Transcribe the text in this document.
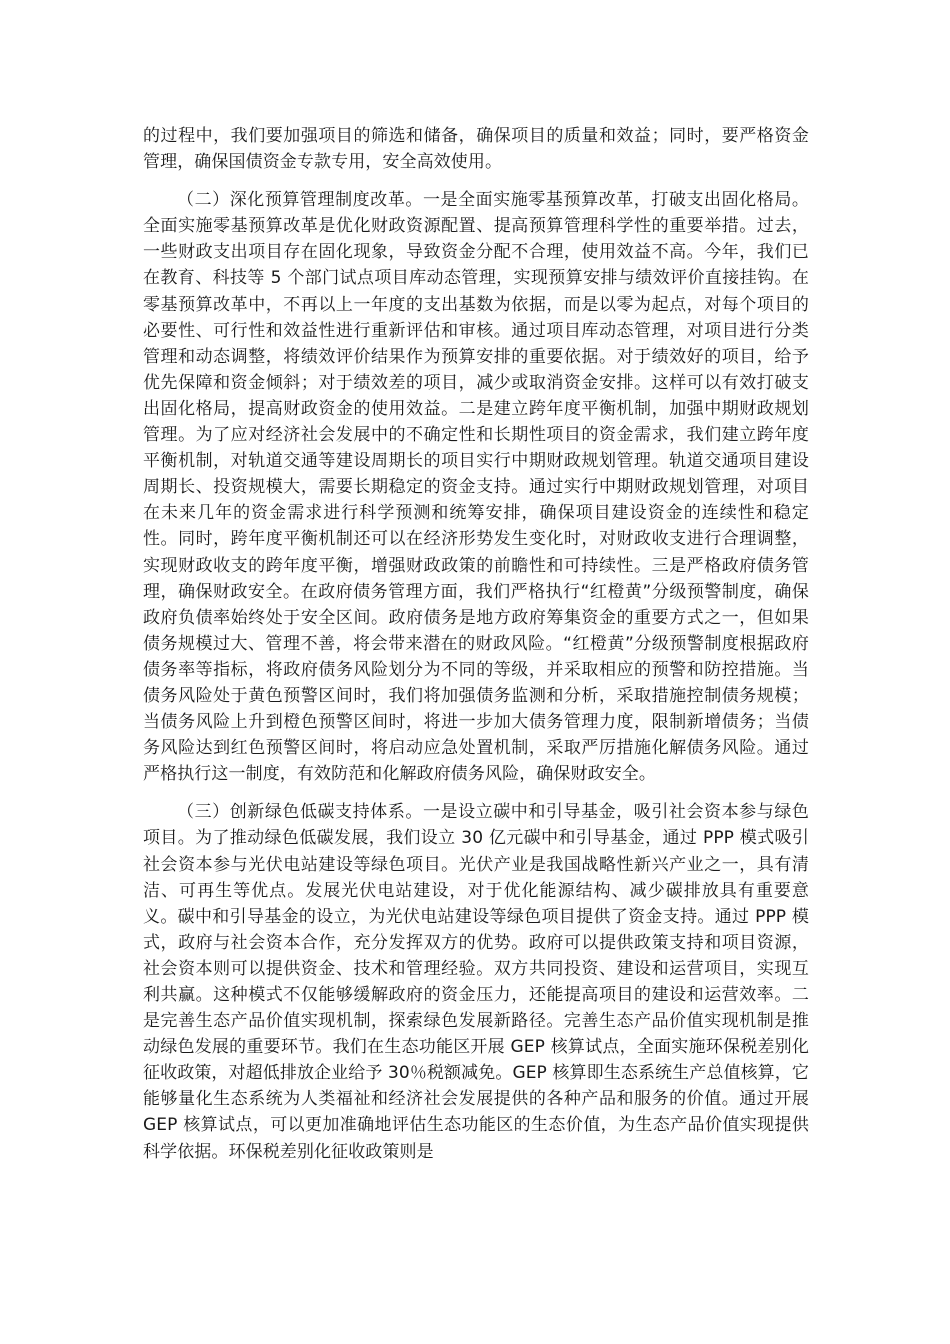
的过程中，我们要加强项目的筛选和储备，确保项目的质量和效益；同时，要严格资金管理，确保国债资金专款专用，安全高效使用。

（二）深化预算管理制度改革。一是全面实施零基预算改革，打破支出固化格局。全面实施零基预算改革是优化财政资源配置、提高预算管理科学性的重要举措。过去，一些财政支出项目存在固化现象，导致资金分配不合理，使用效益不高。今年，我们已在教育、科技等 5 个部门试点项目库动态管理，实现预算安排与绩效评价直接挂钩。在零基预算改革中，不再以上一年度的支出基数为依据，而是以零为起点，对每个项目的必要性、可行性和效益性进行重新评估和审核。通过项目库动态管理，对项目进行分类管理和动态调整，将绩效评价结果作为预算安排的重要依据。对于绩效好的项目，给予优先保障和资金倾斜；对于绩效差的项目，减少或取消资金安排。这样可以有效打破支出固化格局，提高财政资金的使用效益。二是建立跨年度平衡机制，加强中期财政规划管理。为了应对经济社会发展中的不确定性和长期性项目的资金需求，我们建立跨年度平衡机制，对轨道交通等建设周期长的项目实行中期财政规划管理。轨道交通项目建设周期长、投资规模大，需要长期稳定的资金支持。通过实行中期财政规划管理，对项目在未来几年的资金需求进行科学预测和统筹安排，确保项目建设资金的连续性和稳定性。同时，跨年度平衡机制还可以在经济形势发生变化时，对财政收支进行合理调整，实现财政收支的跨年度平衡，增强财政政策的前瞻性和可持续性。三是严格政府债务管理，确保财政安全。在政府债务管理方面，我们严格执行“红橙黄”分级预警制度，确保政府负债率始终处于安全区间。政府债务是地方政府筹集资金的重要方式之一，但如果债务规模过大、管理不善，将会带来潜在的财政风险。“红橙黄”分级预警制度根据政府债务率等指标，将政府债务风险划分为不同的等级，并采取相应的预警和防控措施。当债务风险处于黄色预警区间时，我们将加强债务监测和分析，采取措施控制债务规模；当债务风险上升到橙色预警区间时，将进一步加大债务管理力度，限制新增债务；当债务风险达到红色预警区间时，将启动应急处置机制，采取严厉措施化解债务风险。通过严格执行这一制度，有效防范和化解政府债务风险，确保财政安全。

（三）创新绿色低碳支持体系。一是设立碳中和引导基金，吸引社会资本参与绿色项目。为了推动绿色低碳发展，我们设立 30 亿元碳中和引导基金，通过 PPP 模式吸引社会资本参与光伏电站建设等绿色项目。光伏产业是我国战略性新兴产业之一，具有清洁、可再生等优点。发展光伏电站建设，对于优化能源结构、减少碳排放具有重要意义。碳中和引导基金的设立，为光伏电站建设等绿色项目提供了资金支持。通过 PPP 模式，政府与社会资本合作，充分发挥双方的优势。政府可以提供政策支持和项目资源，社会资本则可以提供资金、技术和管理经验。双方共同投资、建设和运营项目，实现互利共赢。这种模式不仅能够缓解政府的资金压力，还能提高项目的建设和运营效率。二是完善生态产品价值实现机制，探索绿色发展新路径。完善生态产品价值实现机制是推动绿色发展的重要环节。我们在生态功能区开展 GEP 核算试点，全面实施环保税差别化征收政策，对超低排放企业给予 30％税额减免。GEP 核算即生态系统生产总值核算，它能够量化生态系统为人类福祉和经济社会发展提供的各种产品和服务的价值。通过开展 GEP 核算试点，可以更加准确地评估生态功能区的生态价值，为生态产品价值实现提供科学依据。环保税差别化征收政策则是
